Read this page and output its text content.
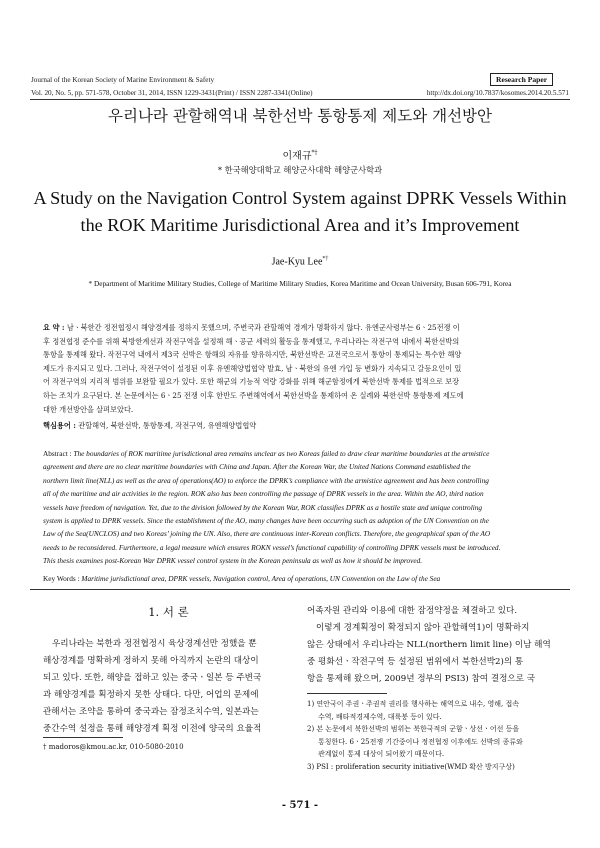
Journal of the Korean Society of Marine Environment & Safety	Research Paper
Vol. 20, No. 5, pp. 571-578, October 31, 2014, ISSN 1229-3431(Print) / ISSN 2287-3341(Online)	http://dx.doi.org/10.7837/kosomes.2014.20.5.571
우리나라 관할해역내 북한선박 통항통제 제도와 개선방안
이재규*†
* 한국해양대학교 해양군사대학 해양군사학과
A Study on the Navigation Control System against DPRK Vessels Within
the ROK Maritime Jurisdictional Area and it’s Improvement
Jae-Kyu Lee*†
* Department of Maritime Military Studies, College of Maritime Military Studies, Korea Maritime and Ocean University, Busan 606-791, Korea
요 약 : 남ㆍ북한간 정전협정시 해양경계를 정하지 못했으며, 주변국과 관할해역 경계가 명확하지 않다. 유엔군사령부는 6ㆍ25전쟁 이
후 정전협정 준수를 위해 북방한계선과 작전구역을 설정해 해ㆍ공군 세력의 활동을 통제했고, 우리나라는 작전구역 내에서 북한선박의
통항을 통제해 왔다. 작전구역 내에서 제3국 선박은 항해의 자유를 향유하지만, 북한선박은 교전국으로서 통항이 통제되는 특수한 해양
제도가 유지되고 있다. 그러나, 작전구역이 설정된 이후 유엔해양법협약 발효, 남ㆍ북한의 유엔 가입 등 변화가 지속되고 갈등요인이 있
어 작전구역의 지리적 범위를 보완할 필요가 있다. 또한 해군의 기능적 역량 강화를 위해 해군함정에게 북한선박 통제를 법적으로 보장
하는 조치가 요구된다. 본 논문에서는 6ㆍ25 전쟁 이후 한반도 주변해역에서 북한선박을 통제하여 온 실례와 북한선박 통항통제 제도에
대한 개선방안을 살펴보았다.
핵심용어 : 관할해역, 북한선박, 통항통제, 작전구역, 유엔해양법협약
Abstract : The boundaries of ROK maritime jurisdictional area remains unclear as two Koreas failed to draw clear maritime boundaries at the armistice
agreement and there are no clear maritime boundaries with China and Japan. After the Korean War, the United Nations Command established the
northern limit line(NLL) as well as the area of operations(AO) to enforce the DPRK’s compliance with the armistice agreement and has been controlling
all of the maritime and air activities in the region. ROK also has been controlling the passage of DPRK vessels in the area. Within the AO, third nation
vessels have freedom of navigation. Yet, due to the division followed by the Korean War, ROK classifies DPRK as a hostile state and unique controling
system is applied to DPRK vessels. Since the establishment of the AO, many changes have been occurring such as adoption of the UN Convention on the
Law of the Sea(UNCLOS) and two Koreas’ joining the UN. Also, there are continuous inter-Korean conflicts. Therefore, the geographical span of the AO
needs to be reconsidered. Furthermore, a legal measure which ensures ROKN vessel’s functional capability of controlling DPRK vessels must be introduced.
This thesis examines post-Korean War DPRK vessel control system in the Korean peninsula as well as how it should be improved.
Key Words : Maritime jurisdictional area, DPRK vessels, Navigation control, Area of operations, UN Convention on the Law of the Sea
1. 서 론
우리나라는 북한과 정전협정시 육상경계선만 정했을 뿐
해상경계를 명확하게 정하지 못해 아직까지 논란의 대상이
되고 있다. 또한, 해양을 접하고 있는 중국ㆍ일본 등 주변국
과 해양경계를 획정하지 못한 상태다. 다만, 어업의 문제에
관해서는 조약을 통하여 중국과는 잠정조치수역, 일본과는
중간수역 설정을 통해 해양경계 획정 이전에 양국의 요율적
어족자원 관리와 이용에 대한 잠정약정을 체결하고 있다.
이렇게 경계획정이 확정되지 않아 관할해역1)이 명확하지
않은 상태에서 우리나라는 NLL(northern limit line) 이남 해역
중 평화선ㆍ작전구역 등 설정된 범위에서 북한선박2)의 통
항을 통제해 왔으며, 2009년 정부의 PSI3) 참여 결정으로 국
1) 연안국이 주권ㆍ주권적 권리를 행사하는 해역으로 내수, 영해, 접속
수역, 배타적경제수역, 대륙붕 등이 있다.
2) 본 논문에서 북한선박의 범위는 북한국적의 군함ㆍ상선ㆍ어선 등을
통칭한다. 6ㆍ25전쟁 기간중이나 정전협정 이후에도 선박의 종류와
관계없이 통제 대상이 되어왔기 때문이다.
3) PSI : proliferation security initiative(WMD 확산 방지구상)
† madoros@kmou.ac.kr, 010-5080-2010
- 571 -
